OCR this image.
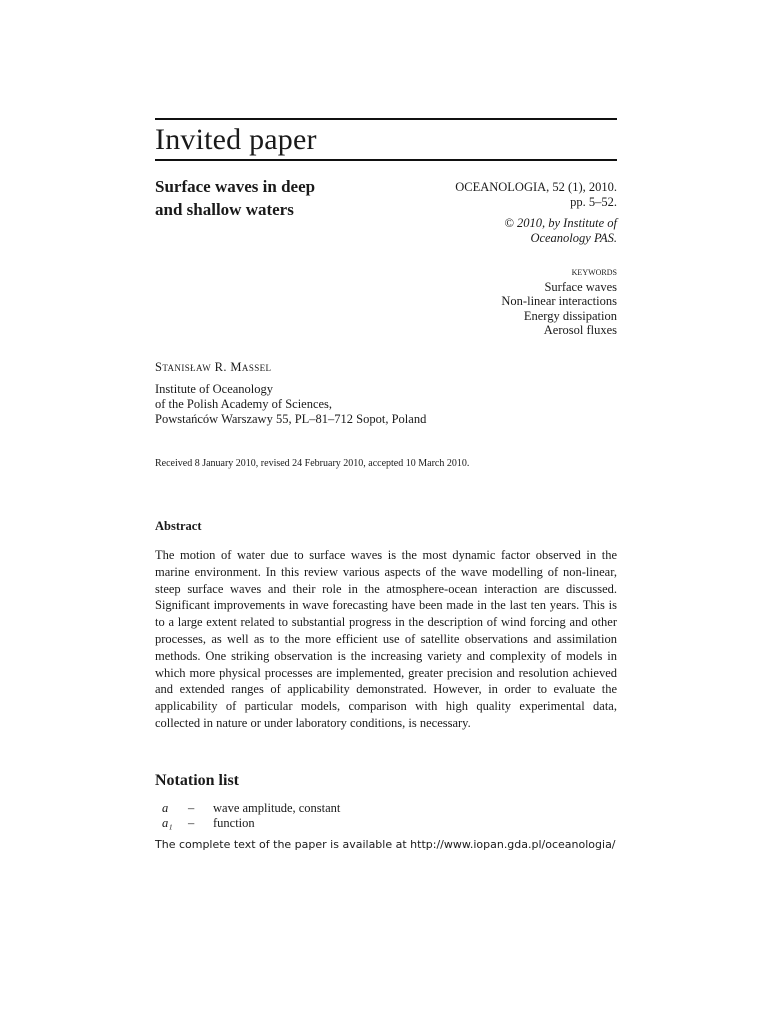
Invited paper
Surface waves in deep
and shallow waters
OCEANOLOGIA, 52 (1), 2010.
pp. 5–52.
© 2010, by Institute of
Oceanology PAS.
keywords
Surface waves
Non-linear interactions
Energy dissipation
Aerosol fluxes
Stanisław R. Massel
Institute of Oceanology
of the Polish Academy of Sciences,
Powstańców Warszawy 55, PL–81–712 Sopot, Poland
Received 8 January 2010, revised 24 February 2010, accepted 10 March 2010.
Abstract

The motion of water due to surface waves is the most dynamic factor observed in the marine environment. In this review various aspects of the wave modelling of non-linear, steep surface waves and their role in the atmosphere-ocean interaction are discussed. Significant improvements in wave forecasting have been made in the last ten years. This is to a large extent related to substantial progress in the description of wind forcing and other processes, as well as to the more efficient use of satellite observations and assimilation methods. One striking observation is the increasing variety and complexity of models in which more physical processes are implemented, greater precision and resolution achieved and extended ranges of applicability demonstrated. However, in order to evaluate the applicability of particular models, comparison with high quality experimental data, collected in nature or under laboratory conditions, is necessary.

Notation list
a	–	wave amplitude, constant
a₁	–	function
The complete text of the paper is available at http://www.iopan.gda.pl/oceanologia/
